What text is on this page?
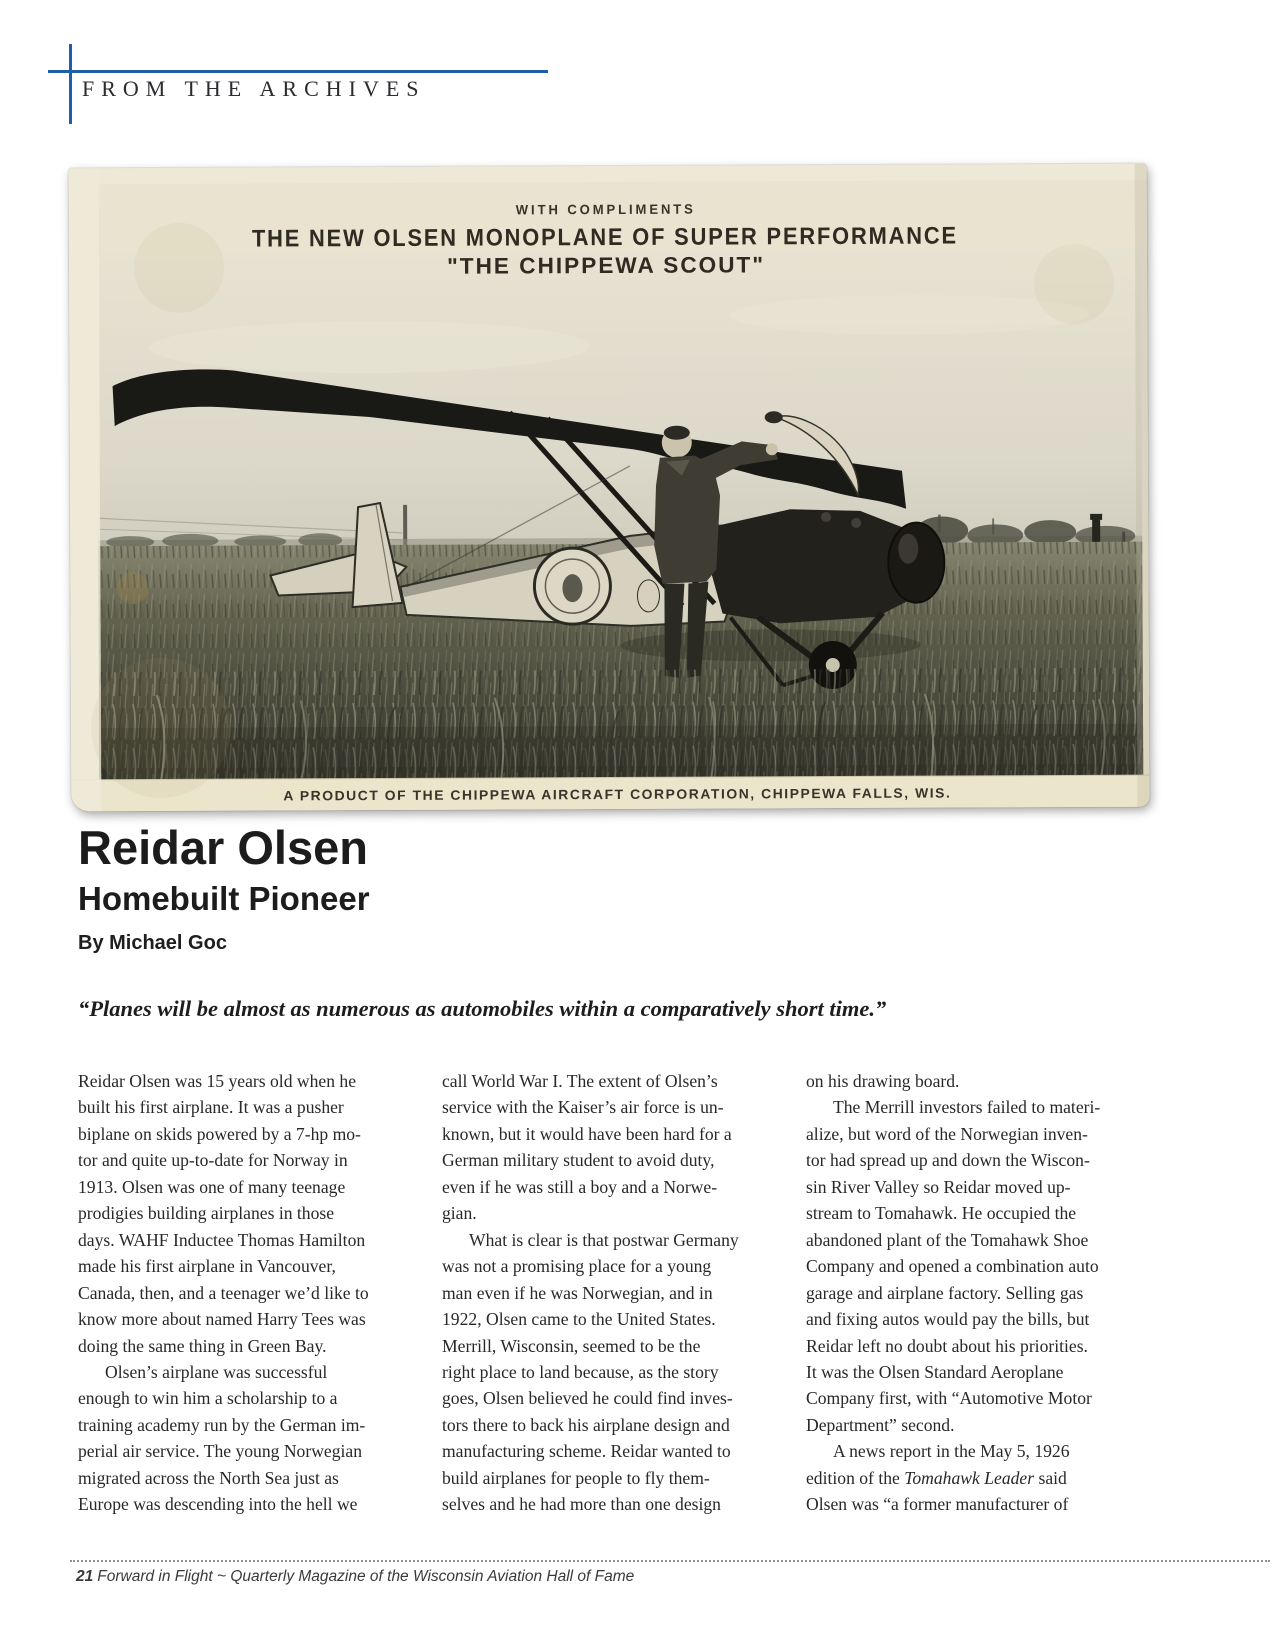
FROM THE ARCHIVES
WITH COMPLIMENTS
THE NEW OLSEN MONOPLANE OF SUPER PERFORMANCE
"THE CHIPPEWA SCOUT"
A PRODUCT OF THE CHIPPEWA AIRCRAFT CORPORATION, CHIPPEWA FALLS, WIS.
Reidar Olsen
Homebuilt Pioneer
By Michael Goc
“Planes will be almost as numerous as automobiles within a comparatively short time.”
Reidar Olsen was 15 years old when he
built his first airplane. It was a pusher
biplane on skids powered by a 7-hp mo-
tor and quite up-to-date for Norway in
1913. Olsen was one of many teenage
prodigies building airplanes in those
days. WAHF Inductee Thomas Hamilton
made his first airplane in Vancouver,
Canada, then, and a teenager we’d like to
know more about named Harry Tees was
doing the same thing in Green Bay.
Olsen’s airplane was successful
enough to win him a scholarship to a
training academy run by the German im-
perial air service. The young Norwegian
migrated across the North Sea just as
Europe was descending into the hell we
call World War I. The extent of Olsen’s
service with the Kaiser’s air force is un-
known, but it would have been hard for a
German military student to avoid duty,
even if he was still a boy and a Norwe-
gian.
What is clear is that postwar Germany
was not a promising place for a young
man even if he was Norwegian, and in
1922, Olsen came to the United States.
Merrill, Wisconsin, seemed to be the
right place to land because, as the story
goes, Olsen believed he could find inves-
tors there to back his airplane design and
manufacturing scheme. Reidar wanted to
build airplanes for people to fly them-
selves and he had more than one design
on his drawing board.
The Merrill investors failed to materi-
alize, but word of the Norwegian inven-
tor had spread up and down the Wiscon-
sin River Valley so Reidar moved up-
stream to Tomahawk. He occupied the
abandoned plant of the Tomahawk Shoe
Company and opened a combination auto
garage and airplane factory. Selling gas
and fixing autos would pay the bills, but
Reidar left no doubt about his priorities.
It was the Olsen Standard Aeroplane
Company first, with “Automotive Motor
Department” second.
A news report in the May 5, 1926
edition of the Tomahawk Leader said
Olsen was “a former manufacturer of
21 Forward in Flight ~ Quarterly Magazine of the Wisconsin Aviation Hall of Fame
